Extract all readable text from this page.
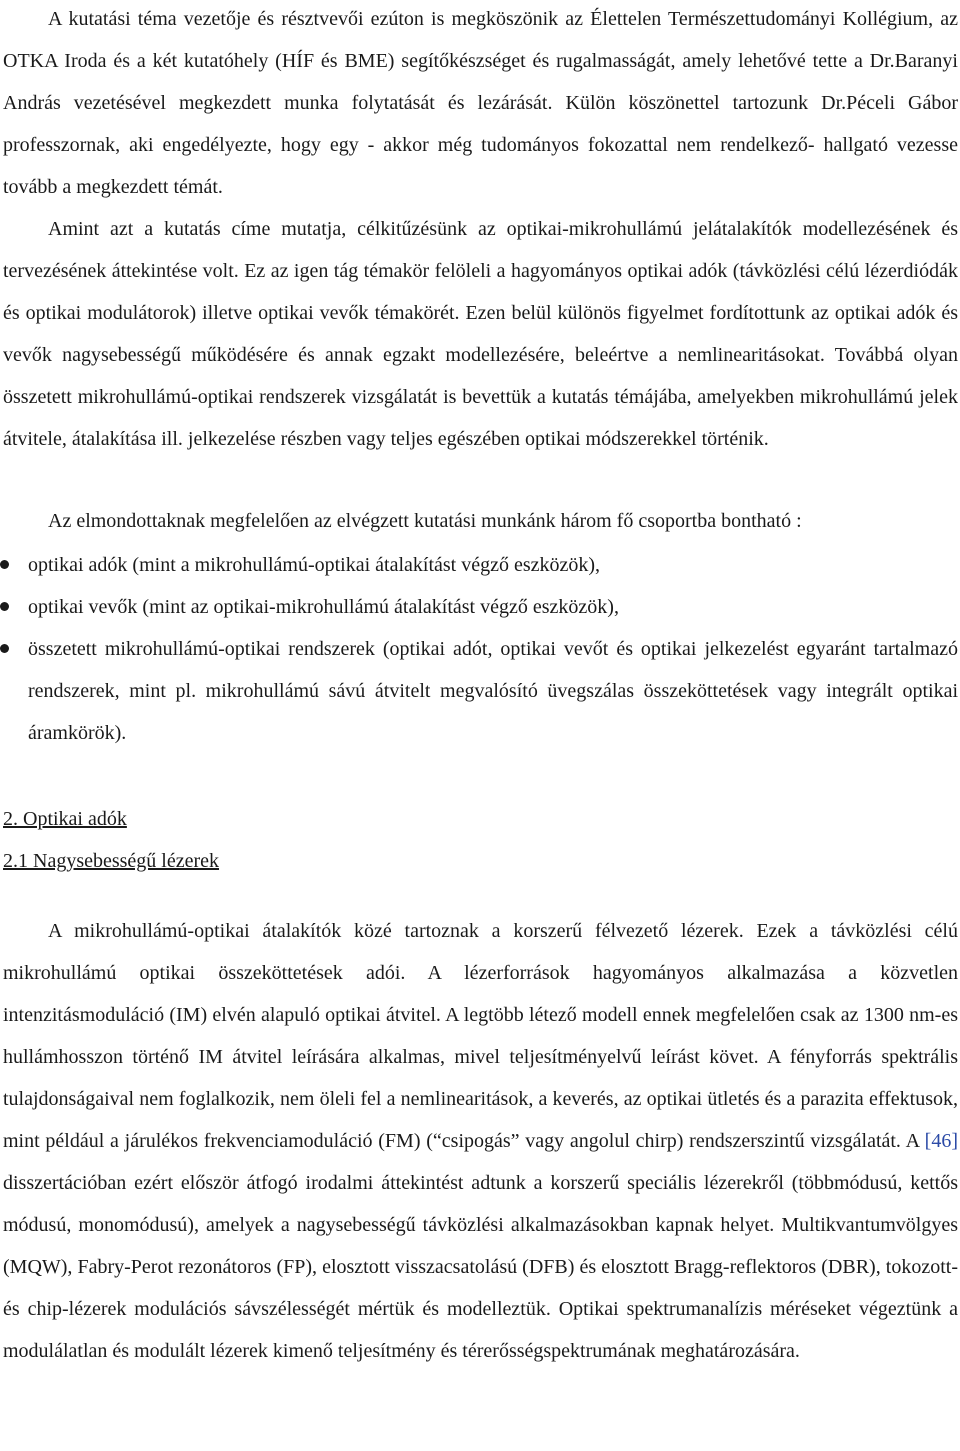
A kutatási téma vezetője és résztvevői ezúton is megköszönik az Élettelen Természettudományi Kollégium, az OTKA Iroda és a két kutatóhely (HÍF és BME) segítőkészséget és rugalmasságát, amely lehetővé tette a Dr.Baranyi András vezetésével megkezdett munka folytatását és lezárását. Külön köszönettel tartozunk Dr.Péceli Gábor professzornak, aki engedélyezte, hogy egy - akkor még tudományos fokozattal nem rendelkező- hallgató vezesse tovább a megkezdett témát.
Amint azt a kutatás címe mutatja, célkitűzésünk az optikai-mikrohullámú jelátalakítók modellezésének és tervezésének áttekintése volt. Ez az igen tág témakör felöleli a hagyományos optikai adók (távközlési célú lézerdiódák és optikai modulátorok) illetve optikai vevők témakörét. Ezen belül különös figyelmet fordítottunk az optikai adók és vevők nagysebességű működésére és annak egzakt modellezésére, beleértve a nemlinearitásokat. Továbbá olyan összetett mikrohullámú-optikai rendszerek vizsgálatát is bevettük a kutatás témájába, amelyekben mikrohullámú jelek átvitele, átalakítása ill. jelkezelése részben vagy teljes egészében optikai módszerekkel történik.

Az elmondottaknak megfelelően az elvégzett kutatási munkánk három fő csoportba bontható :

optikai adók (mint a mikrohullámú-optikai átalakítást végző eszközök),
optikai vevők (mint az optikai-mikrohullámú átalakítást végző eszközök),
összetett mikrohullámú-optikai rendszerek (optikai adót, optikai vevőt és optikai jelkezelést egyaránt tartalmazó rendszerek, mint pl. mikrohullámú sávú átvitelt megvalósító üvegszálas összeköttetések vagy integrált optikai áramkörök).
2. Optikai adók
2.1 Nagysebességű lézerek

A mikrohullámú-optikai átalakítók közé tartoznak a korszerű félvezető lézerek. Ezek a távközlési célú mikrohullámú optikai összeköttetések adói. A lézerforrások hagyományos alkalmazása a közvetlen intenzitásmoduláció (IM) elvén alapuló optikai átvitel. A legtöbb létező modell ennek megfelelően csak az 1300 nm-es hullámhosszon történő IM átvitel leírására alkalmas, mivel teljesítményelvű leírást követ. A fényforrás spektrális tulajdonságaival nem foglalkozik, nem öleli fel a nemlinearitások, a keverés, az optikai ütletés és a parazita effektusok, mint például a járulékos frekvenciamoduláció (FM) (“csipogás” vagy angolul chirp) rendszerszintű vizsgálatát. A [46] disszertációban ezért először átfogó irodalmi áttekintést adtunk a korszerű speciális lézerekről (többmódusú, kettős módusú, monomódusú), amelyek a nagysebességű távközlési alkalmazásokban kapnak helyet. Multikvantumvölgyes (MQW), Fabry-Perot rezonátoros (FP), elosztott visszacsatolású (DFB) és elosztott Bragg-reflektoros (DBR), tokozott- és chip-lézerek modulációs sávszélességét mértük és modelleztük. Optikai spektrumanalízis méréseket végeztünk a modulálatlan és modulált lézerek kimenő teljesítmény és térerősségspektrumának meghatározására.
